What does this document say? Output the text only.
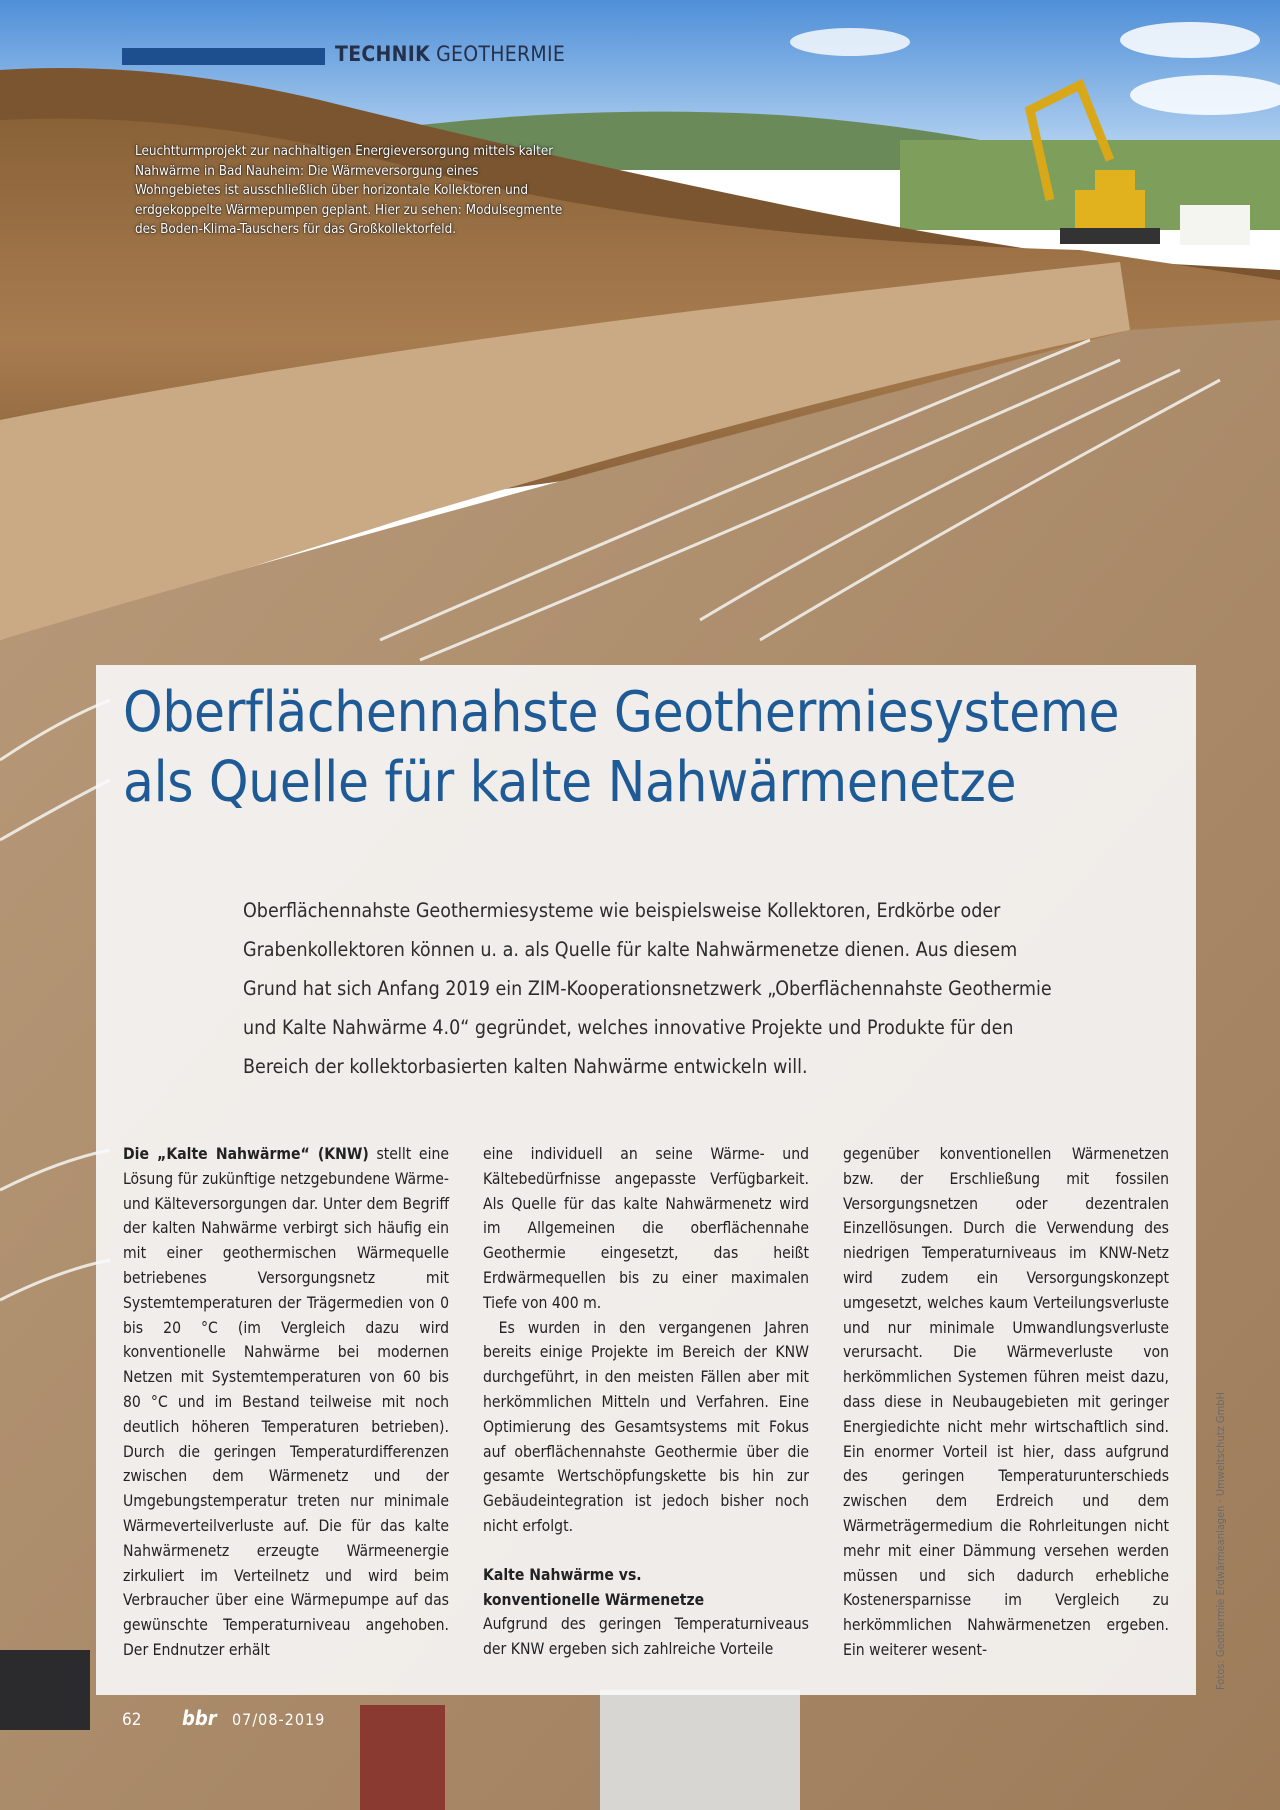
TECHNIK GEOTHERMIE
Leuchtturmprojekt zur nachhaltigen Energieversorgung mittels kalter Nahwärme in Bad Nauheim: Die Wärmeversorgung eines Wohngebietes ist ausschließlich über horizontale Kollektoren und erdgekoppelte Wärmepumpen geplant. Hier zu sehen: Modulsegmente des Boden-Klima-Tauschers für das Großkollektorfeld.
Oberflächennahste Geothermiesysteme
als Quelle für kalte Nahwärmenetze
Oberflächennahste Geothermiesysteme wie beispielsweise Kollektoren, Erdkörbe oder Grabenkollektoren können u. a. als Quelle für kalte Nahwärmenetze dienen. Aus diesem Grund hat sich Anfang 2019 ein ZIM-Kooperationsnetzwerk „Oberflächennahste Geothermie und Kalte Nahwärme 4.0“ gegründet, welches innovative Projekte und Produkte für den Bereich der kollektorbasierten kalten Nahwärme entwickeln will.

Die „Kalte Nahwärme“ (KNW) stellt eine Lösung für zukünftige netzgebundene Wärme- und Kälteversorgungen dar. Unter dem Begriff der kalten Nahwärme verbirgt sich häufig ein mit einer geothermischen Wärmequelle betriebenes Versorgungsnetz mit Systemtemperaturen der Trägermedien von 0 bis 20 °C (im Vergleich dazu wird konventionelle Nahwärme bei modernen Netzen mit Systemtemperaturen von 60 bis 80 °C und im Bestand teilweise mit noch deutlich höheren Temperaturen betrieben). Durch die geringen Temperaturdifferenzen zwischen dem Wärmenetz und der Umgebungstemperatur treten nur minimale Wärmeverteilverluste auf. Die für das kalte Nahwärmenetz erzeugte Wärmeenergie zirkuliert im Verteilnetz und wird beim Verbraucher über eine Wärmepumpe auf das gewünschte Temperaturniveau angehoben. Der Endnutzer erhält

eine individuell an seine Wärme- und Kältebedürfnisse angepasste Verfügbarkeit. Als Quelle für das kalte Nahwärmenetz wird im Allgemeinen die oberflächennahe Geothermie eingesetzt, das heißt Erdwärmequellen bis zu einer maximalen Tiefe von 400 m.

Es wurden in den vergangenen Jahren bereits einige Projekte im Bereich der KNW durchgeführt, in den meisten Fällen aber mit herkömmlichen Mitteln und Verfahren. Eine Optimierung des Gesamtsystems mit Fokus auf oberflächennahste Geothermie über die gesamte Wertschöpfungskette bis hin zur Gebäudeintegration ist jedoch bisher noch nicht erfolgt.

Kalte Nahwärme vs.
konventionelle Wärmenetze

Aufgrund des geringen Temperaturniveaus der KNW ergeben sich zahlreiche Vorteile

gegenüber konventionellen Wärmenetzen bzw. der Erschließung mit fossilen Versorgungsnetzen oder dezentralen Einzellösungen. Durch die Verwendung des niedrigen Temperaturniveaus im KNW-Netz wird zudem ein Versorgungskonzept umgesetzt, welches kaum Verteilungsverluste und nur minimale Umwandlungsverluste verursacht. Die Wärmeverluste von herkömmlichen Systemen führen meist dazu, dass diese in Neubaugebieten mit geringer Energiedichte nicht mehr wirtschaftlich sind. Ein enormer Vorteil ist hier, dass aufgrund des geringen Temperaturunterschieds zwischen dem Erdreich und dem Wärmeträgermedium die Rohrleitungen nicht mehr mit einer Dämmung versehen werden müssen und sich dadurch erhebliche Kostenersparnisse im Vergleich zu herkömmlichen Nahwärmenetzen ergeben. Ein weiterer wesent-

62 bbr 07/08-2019
Fotos: Geothermie Erdwärmeanlagen · Umweltschutz GmbH
